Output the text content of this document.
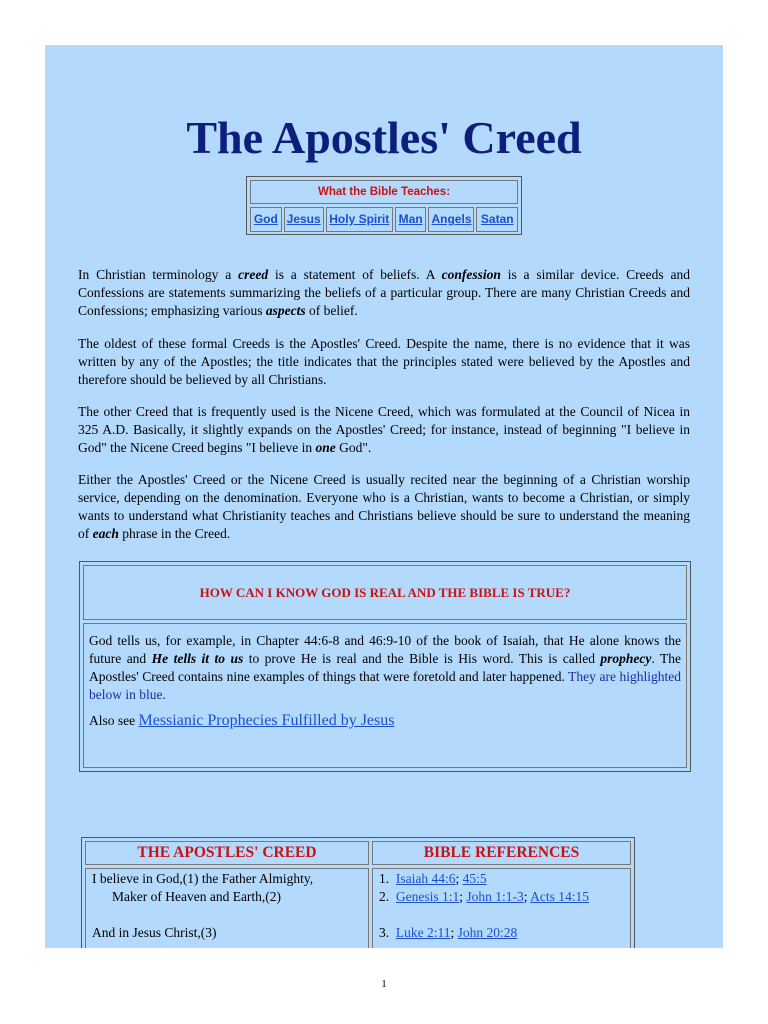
The Apostles' Creed
What the Bible Teaches:
God Jesus Holy Spirit Man Angels Satan

In Christian terminology a creed is a statement of beliefs. A confession is a similar device. Creeds and Confessions are statements summarizing the beliefs of a particular group. There are many Christian Creeds and Confessions; emphasizing various aspects of belief.

The oldest of these formal Creeds is the Apostles' Creed. Despite the name, there is no evidence that it was written by any of the Apostles; the title indicates that the principles stated were believed by the Apostles and therefore should be believed by all Christians.

The other Creed that is frequently used is the Nicene Creed, which was formulated at the Council of Nicea in 325 A.D. Basically, it slightly expands on the Apostles' Creed; for instance, instead of beginning "I believe in God" the Nicene Creed begins "I believe in one God".

Either the Apostles' Creed or the Nicene Creed is usually recited near the beginning of a Christian worship service, depending on the denomination. Everyone who is a Christian, wants to become a Christian, or simply wants to understand what Christianity teaches and Christians believe should be sure to understand the meaning of each phrase in the Creed.

HOW CAN I KNOW GOD IS REAL AND THE BIBLE IS TRUE?

God tells us, for example, in Chapter 44:6-8 and 46:9-10 of the book of Isaiah, that He alone knows the future and He tells it to us to prove He is real and the Bible is His word. This is called prophecy. The Apostles' Creed contains nine examples of things that were foretold and later happened. They are highlighted below in blue.

Also see Messianic Prophecies Fulfilled by Jesus

THE APOSTLES' CREED
I believe in God,(1) the Father Almighty,
Maker of Heaven and Earth,(2)
And in Jesus Christ,(3)
BIBLE REFERENCES
1. Isaiah 44:6; 45:5
2. Genesis 1:1; John 1:1-3; Acts 14:15
3. Luke 2:11; John 20:28
1
